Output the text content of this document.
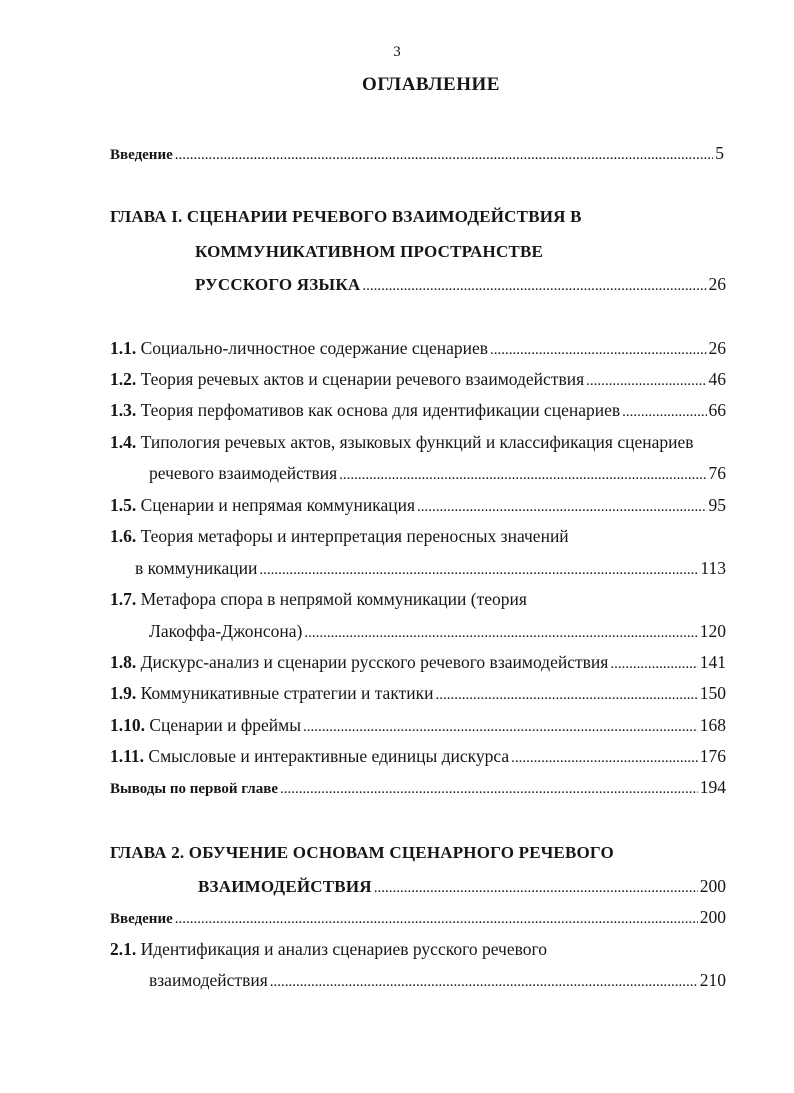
3
ОГЛАВЛЕНИЕ
Введение .....	5
ГЛАВА I. СЦЕНАРИИ РЕЧЕВОГО ВЗАИМОДЕЙСТВИЯ В
КОММУНИКАТИВНОМ ПРОСТРАНСТВЕ
РУССКОГО ЯЗЫКА .....	26
1.1. Социально-личностное содержание сценариев .....	26
1.2. Теория речевых актов и сценарии речевого взаимодействия .....	46
1.3. Теория перфомативов как основа для идентификации сценариев .....	66
1.4. Типология речевых актов, языковых функций и классификация сценариев
речевого взаимодействия .....	76
1.5. Сценарии и непрямая коммуникация .....	95
1.6. Теория метафоры и интерпретация переносных значений
в коммуникации .....	113
1.7. Метафора спора в непрямой коммуникации (теория
Лакоффа-Джонсона) .....	120
1.8. Дискурс-анализ и сценарии русского речевого взаимодействия .....	141
1.9. Коммуникативные стратегии и тактики .....	150
1.10. Сценарии и фреймы .....	168
1.11. Смысловые и интерактивные единицы дискурса .....	176
Выводы по первой главе .....	194
ГЛАВА 2. ОБУЧЕНИЕ ОСНОВАМ СЦЕНАРНОГО РЕЧЕВОГО
ВЗАИМОДЕЙСТВИЯ .....	200
Введение .....	200
2.1. Идентификация и анализ сценариев русского речевого
взаимодействия .....	210
